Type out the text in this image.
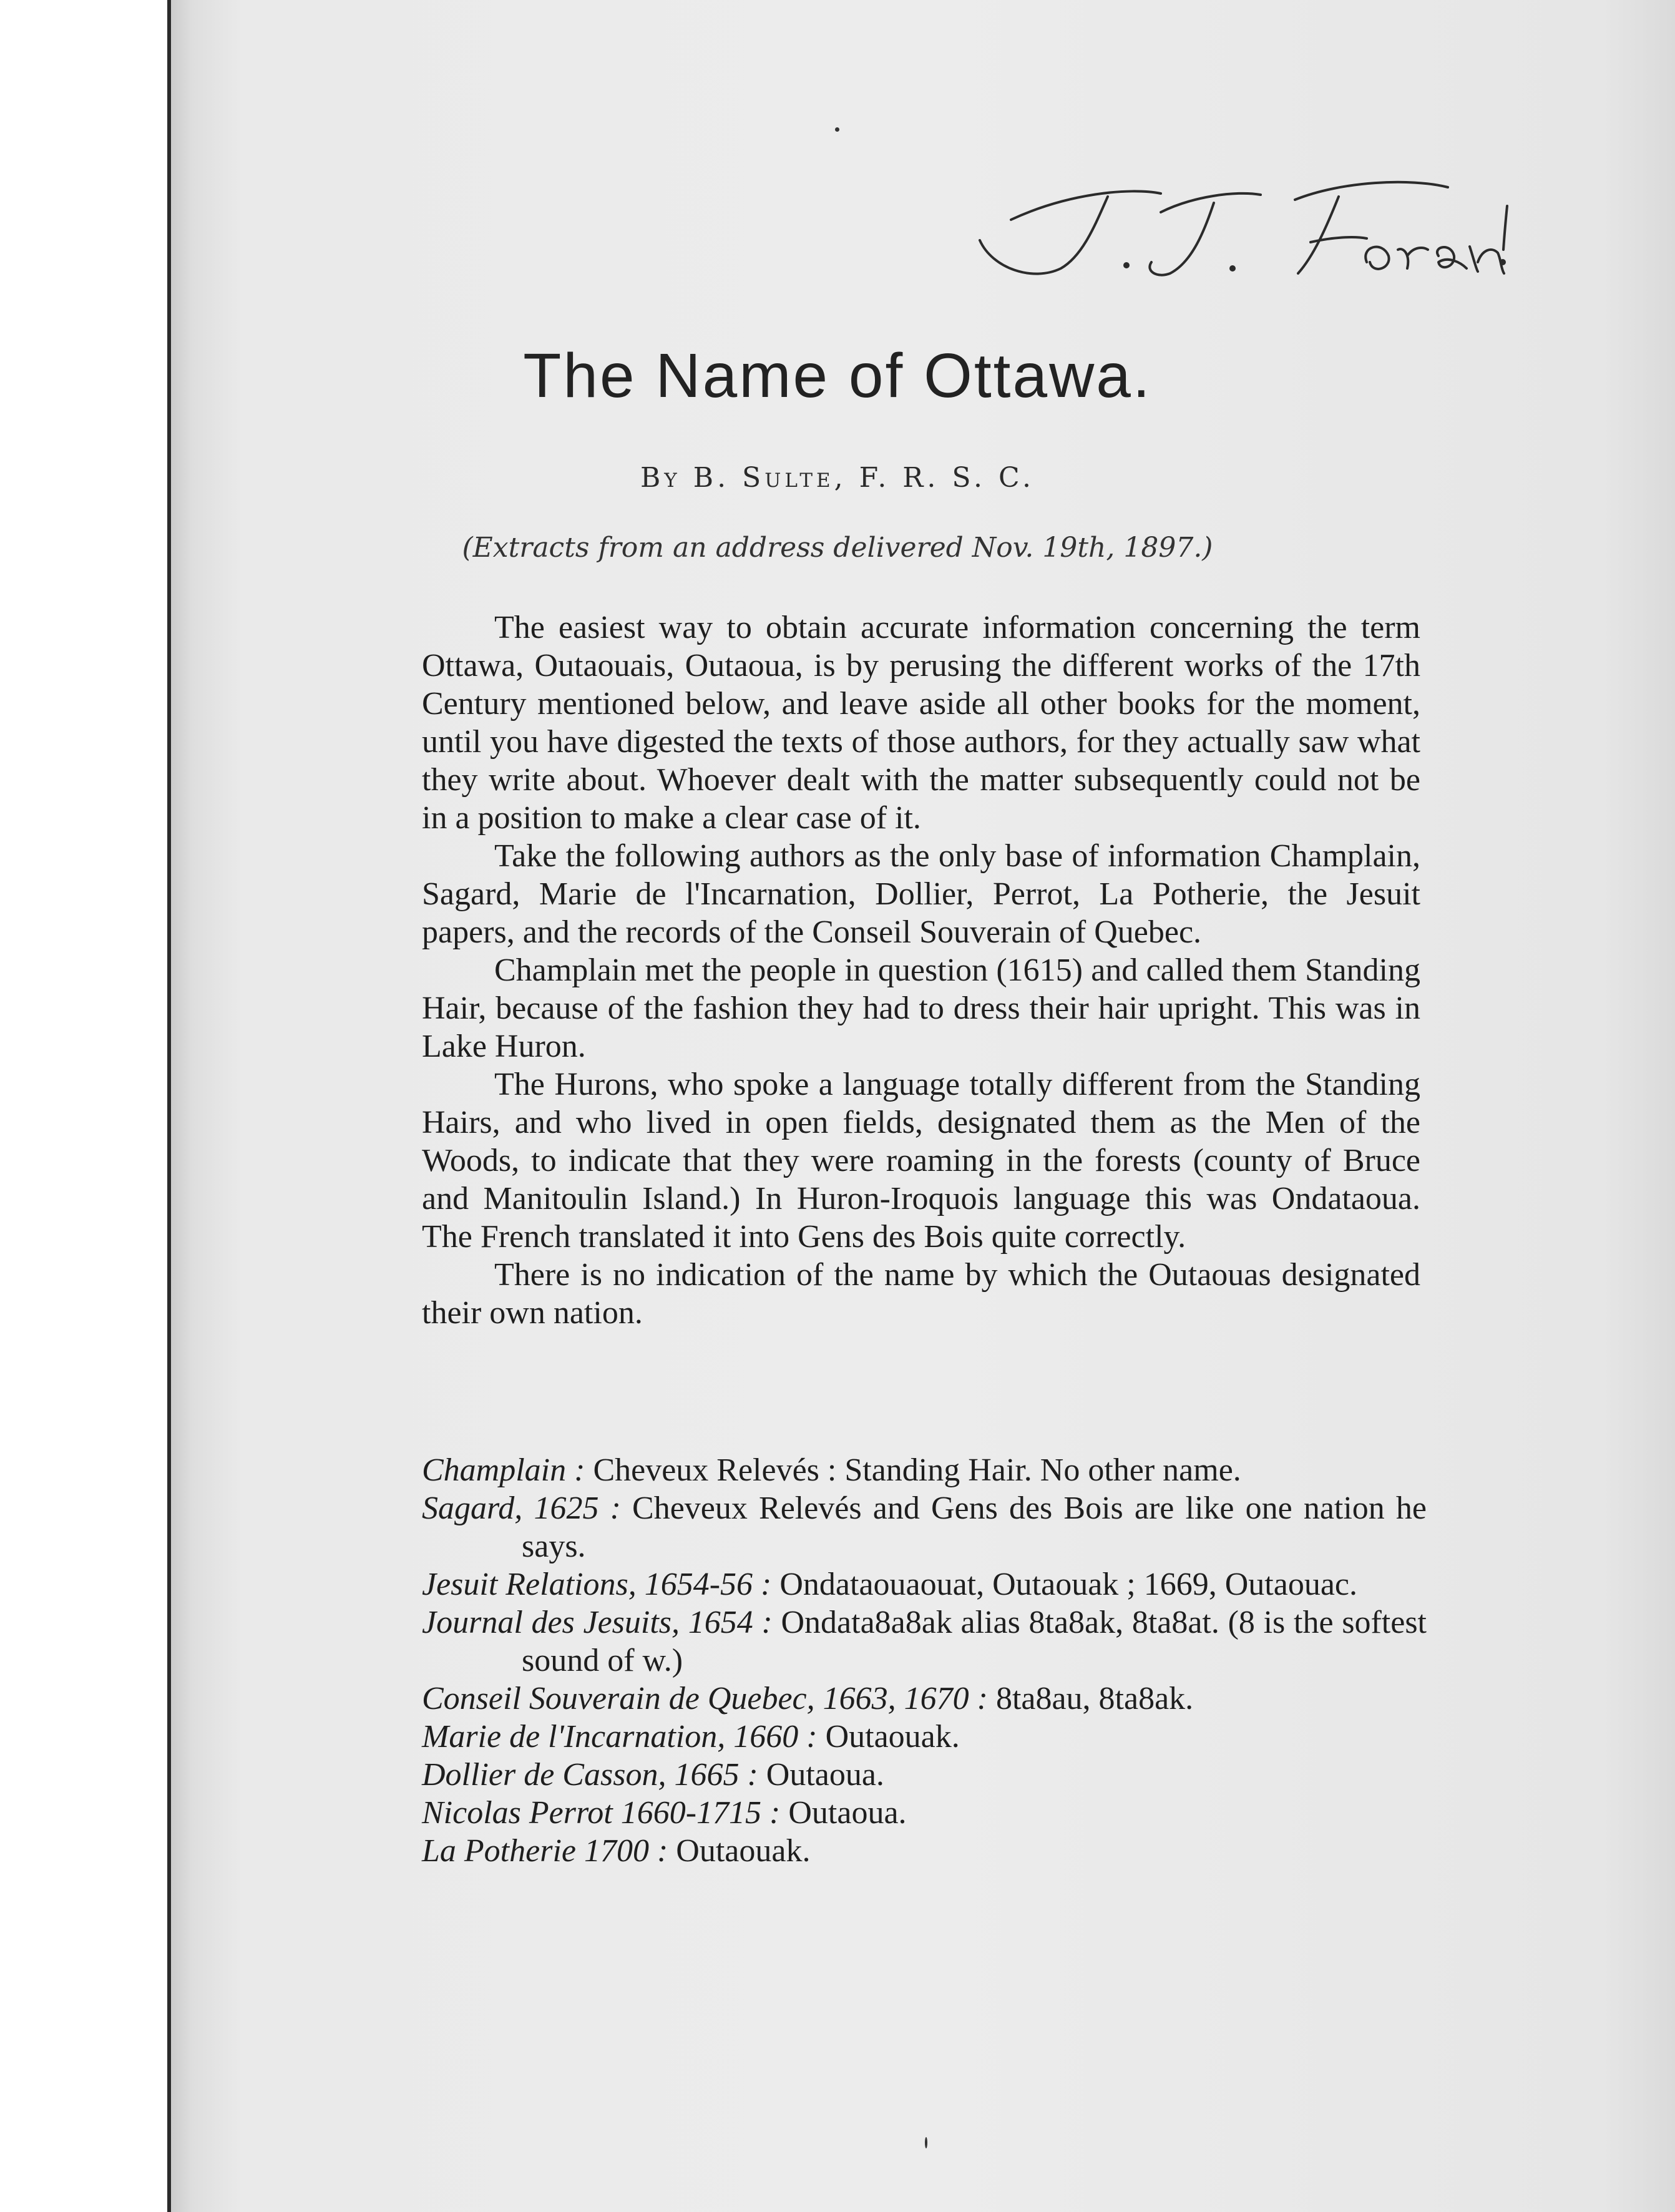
The Name of Ottawa.
By B. Sulte, F. R. S. C.
(Extracts from an address delivered Nov. 19th, 1897.)

The easiest way to obtain accurate information concerning the term Ottawa, Outaouais, Outaoua, is by perusing the different works of the 17th Century mentioned below, and leave aside all other books for the moment, until you have digested the texts of those authors, for they actually saw what they write about. Whoever dealt with the matter subsequently could not be in a position to make a clear case of it.

Take the following authors as the only base of information Champlain, Sagard, Marie de l'Incarnation, Dollier, Perrot, La Potherie, the Jesuit papers, and the records of the Conseil Souverain of Quebec.

Champlain met the people in question (1615) and called them Standing Hair, because of the fashion they had to dress their hair upright. This was in Lake Huron.

The Hurons, who spoke a language totally different from the Standing Hairs, and who lived in open fields, designated them as the Men of the Woods, to indicate that they were roaming in the forests (county of Bruce and Manitoulin Island.) In Huron-Iroquois language this was Ondataoua. The French translated it into Gens des Bois quite correctly.

There is no indication of the name by which the Outaouas designated their own nation.

Champlain : Cheveux Relevés : Standing Hair. No other name.
Sagard, 1625 : Cheveux Relevés and Gens des Bois are like one nation he says.
Jesuit Relations, 1654-56 : Ondataouaouat, Outaouak ; 1669, Outaouac.
Journal des Jesuits, 1654 : Ondata8a8ak alias 8ta8ak, 8ta8at. (8 is the softest sound of w.)
Conseil Souverain de Quebec, 1663, 1670 : 8ta8au, 8ta8ak.
Marie de l'Incarnation, 1660 : Outaouak.
Dollier de Casson, 1665 : Outaoua.
Nicolas Perrot 1660-1715 : Outaoua.
La Potherie 1700 : Outaouak.
